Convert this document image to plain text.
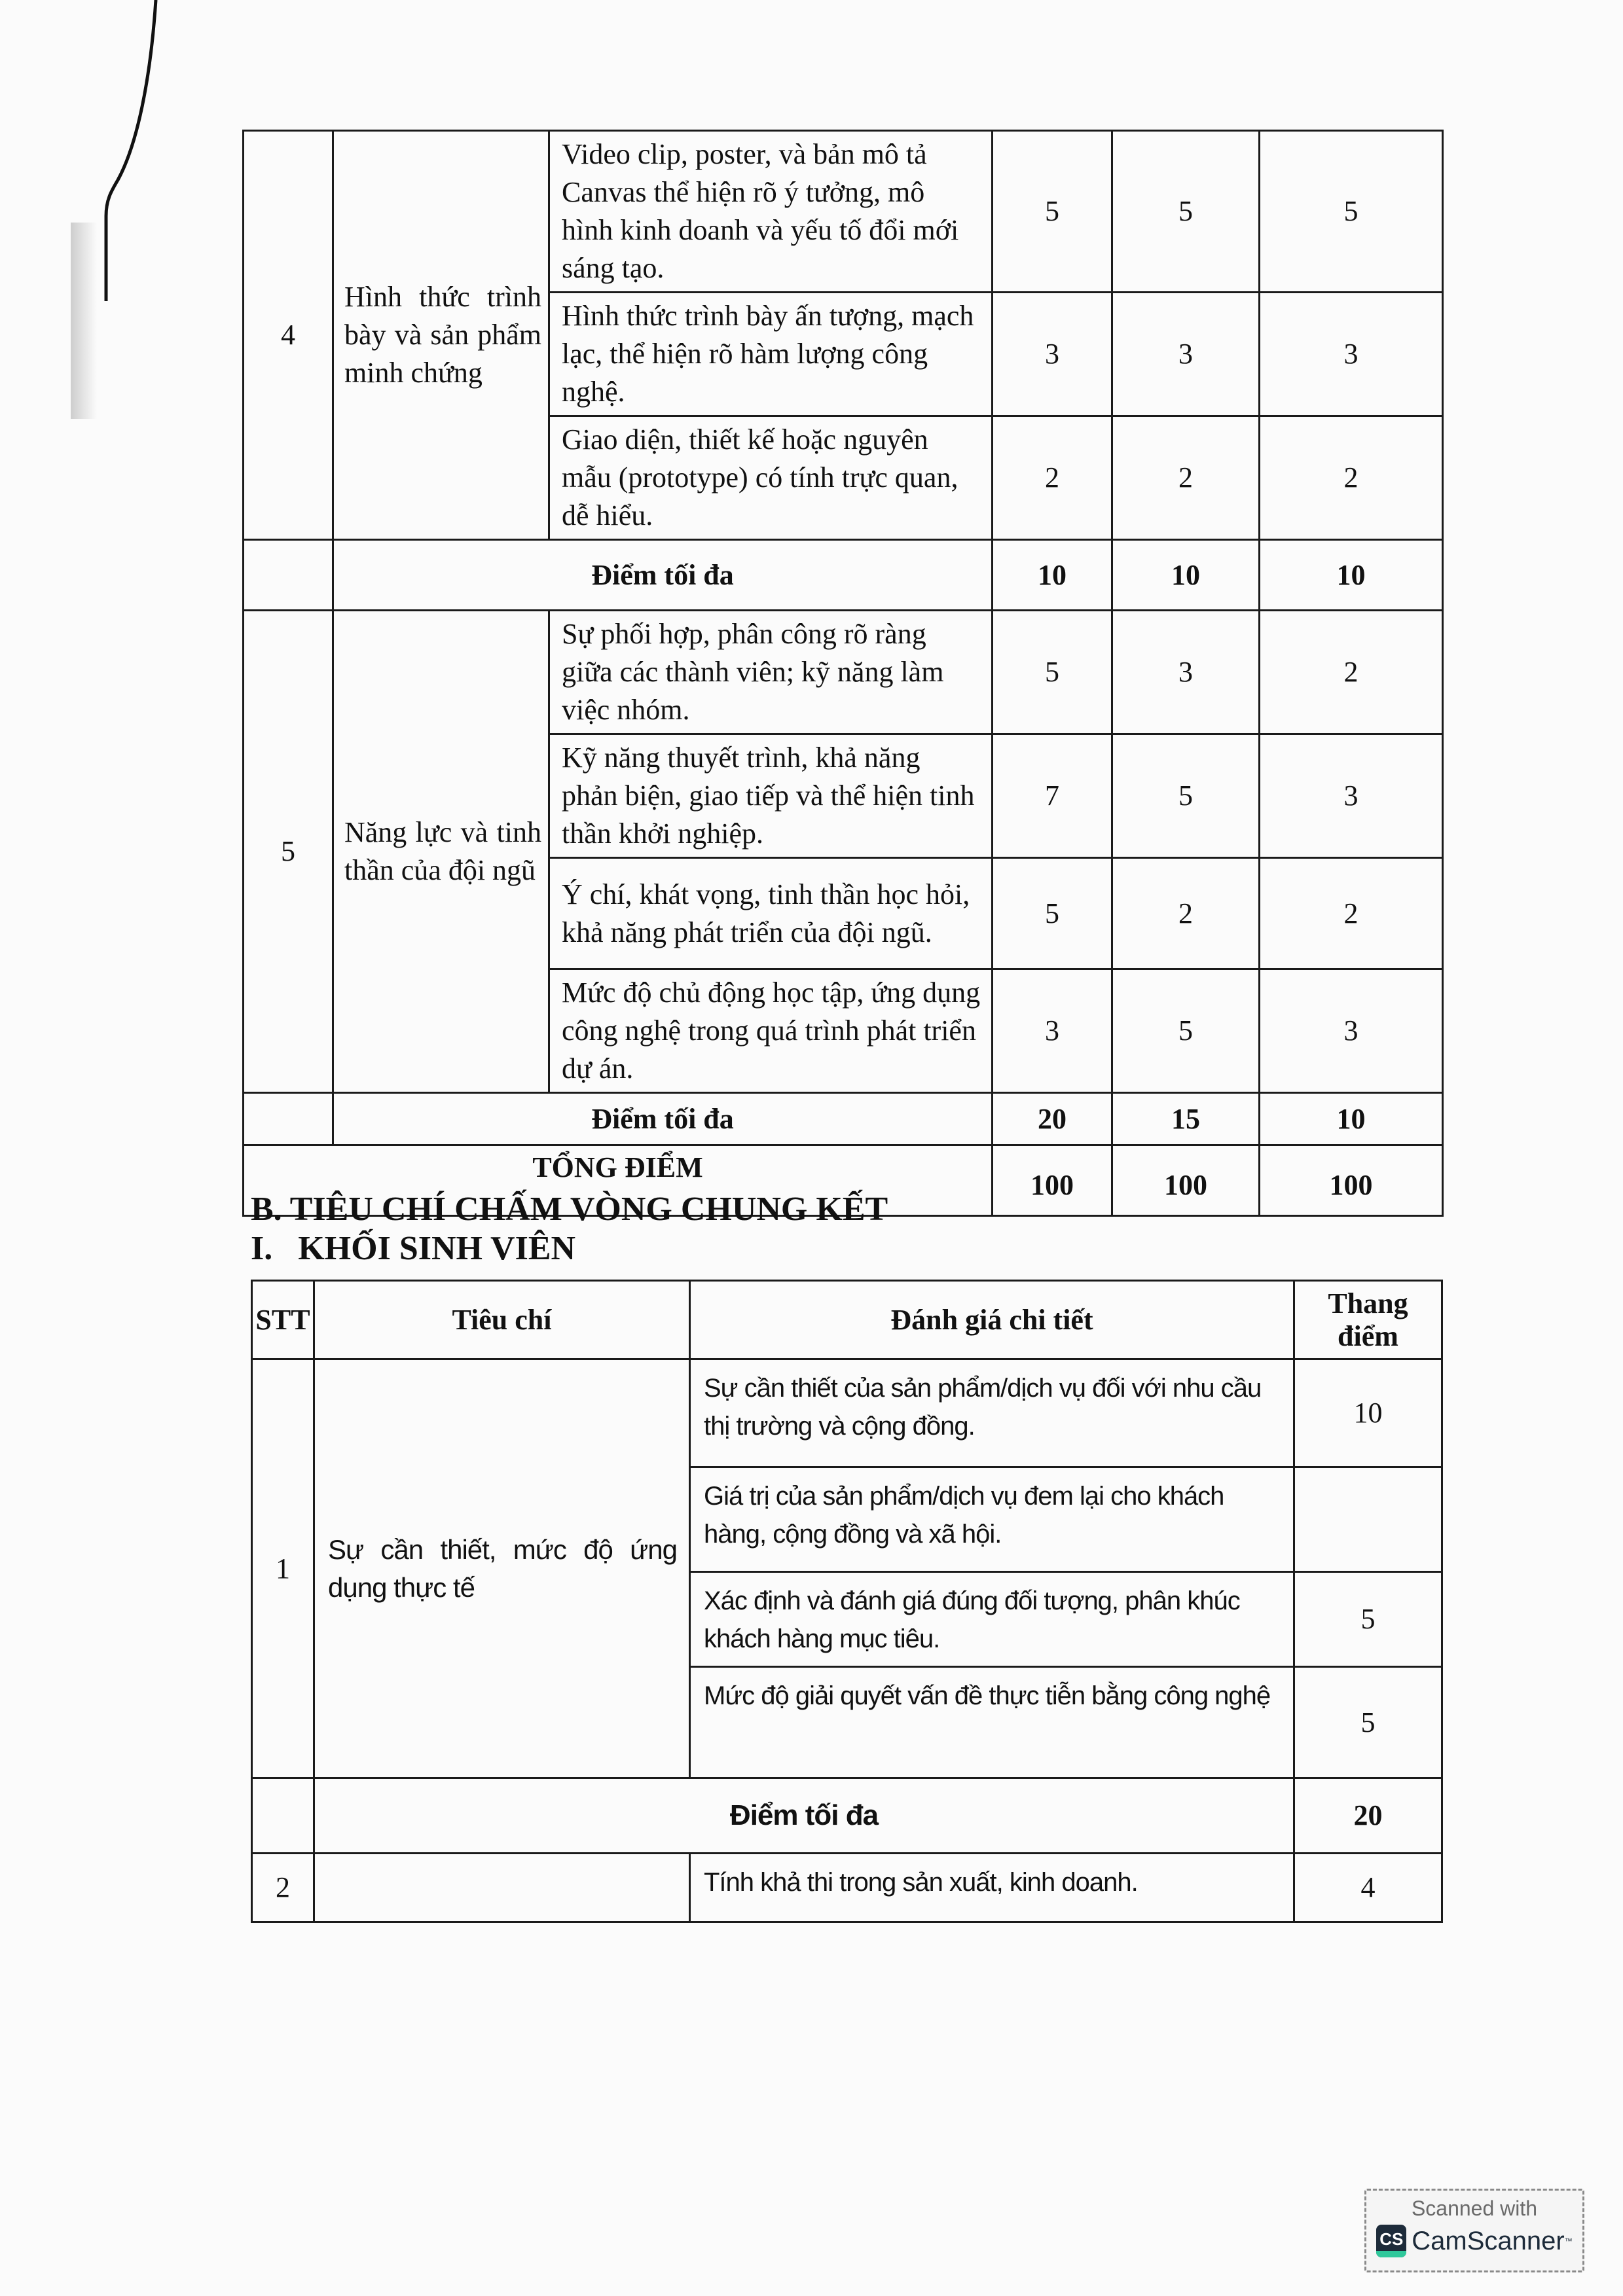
4	Hình thức trình bày và sản phẩm minh chứng	Video clip, poster, và bản mô tả Canvas thể hiện rõ ý tưởng, mô hình kinh doanh và yếu tố đổi mới sáng tạo.	5	5	5
		Hình thức trình bày ấn tượng, mạch lạc, thể hiện rõ hàm lượng công nghệ.	3	3	3
		Giao diện, thiết kế hoặc nguyên mẫu (prototype) có tính trực quan, dễ hiểu.	2	2	2
	Điểm tối đa		10	10	10
5	Năng lực và tinh thần của đội ngũ	Sự phối hợp, phân công rõ ràng giữa các thành viên; kỹ năng làm việc nhóm.	5	3	2
		Kỹ năng thuyết trình, khả năng phản biện, giao tiếp và thể hiện tinh thần khởi nghiệp.	7	5	3
		Ý chí, khát vọng, tinh thần học hỏi, khả năng phát triển của đội ngũ.	5	2	2
		Mức độ chủ động học tập, ứng dụng công nghệ trong quá trình phát triển dự án.	3	5	3
	Điểm tối đa		20	15	10
TỔNG ĐIỂM			100	100	100
B. TIÊU CHÍ CHẤM VÒNG CHUNG KẾT
I.   KHỐI SINH VIÊN
STT	Tiêu chí	Đánh giá chi tiết	Thang điểm
1	Sự cần thiết, mức độ ứng dụng thực tế	Sự cần thiết của sản phẩm/dịch vụ đối với nhu cầu thị trường và cộng đồng.	10
		Giá trị của sản phẩm/dịch vụ đem lại cho khách hàng, cộng đồng và xã hội.	
		Xác định và đánh giá đúng đối tượng, phân khúc khách hàng mục tiêu.	5
		Mức độ giải quyết vấn đề thực tiễn bằng công nghệ	5
	Điểm tối đa		20
2		Tính khả thi trong sản xuất, kinh doanh.	4
Scanned with
CS CamScanner ™
